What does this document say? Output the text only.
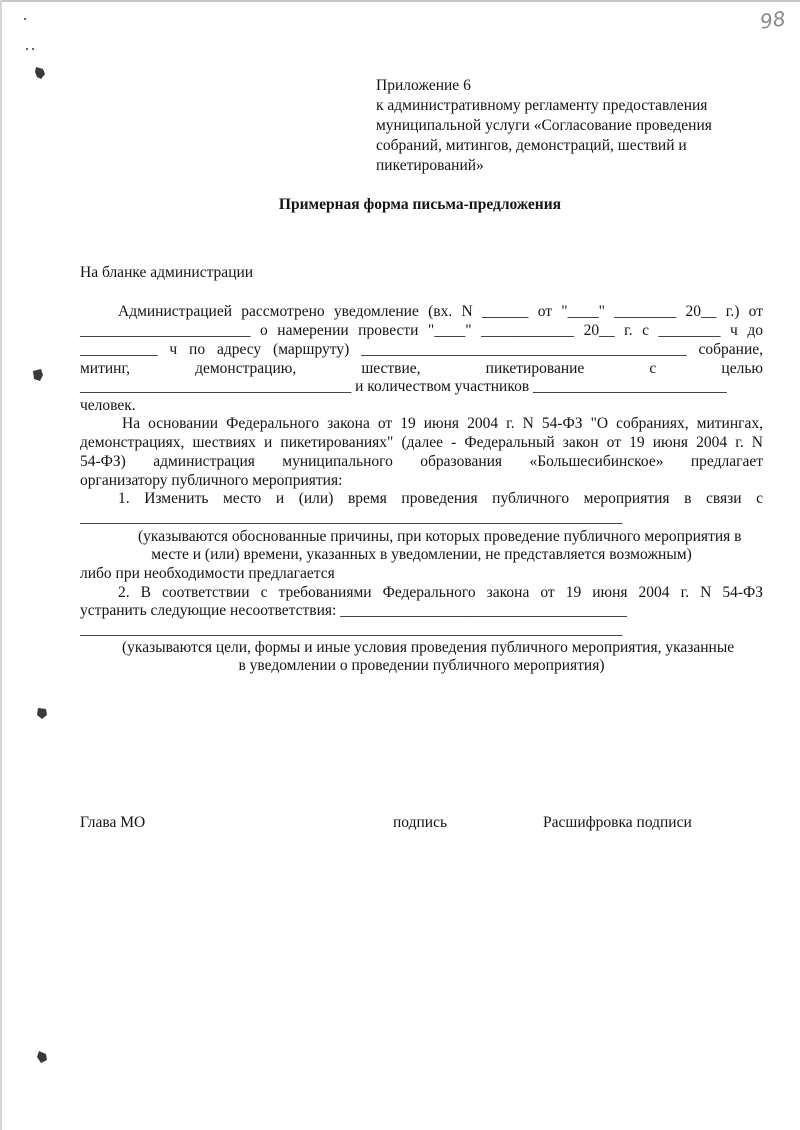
98
Приложение 6
к административному регламенту предоставления
муниципальной услуги «Согласование проведения
собраний, митингов, демонстраций, шествий и
пикетирований»
Примерная форма письма-предложения
На бланке администрации
Администрацией рассмотрено уведомление (вх. N ______ от "____" ________ 20__ г.) от
______________________ о намерении провести "____" ____________ 20__ г. с ________ ч до
__________ ч по адресу (маршруту) __________________________________________ собрание,
митинг, демонстрацию, шествие, пикетирование с целью
___________________________________ и количеством участников _________________________
человек.
На основании Федерального закона от 19 июня 2004 г. N 54-ФЗ "О собраниях, митингах,
демонстрациях, шествиях и пикетированиях" (далее - Федеральный закон от 19 июня 2004 г. N
54-ФЗ) администрация муниципального образования «Большесибинское» предлагает
организатору публичного мероприятия:
1. Изменить место и (или) время проведения публичного мероприятия в связи с
______________________________________________________________________
(указываются обоснованные причины, при которых проведение публичного мероприятия в
месте и (или) времени, указанных в уведомлении, не представляется возможным)
либо при необходимости предлагается
2. В соответствии с требованиями Федерального закона от 19 июня 2004 г. N 54-ФЗ
устранить следующие несоответствия: _____________________________________
______________________________________________________________________
(указываются цели, формы и иные условия проведения публичного мероприятия, указанные
в уведомлении о проведении публичного мероприятия)
Глава МО	подпись	Расшифровка подписи
